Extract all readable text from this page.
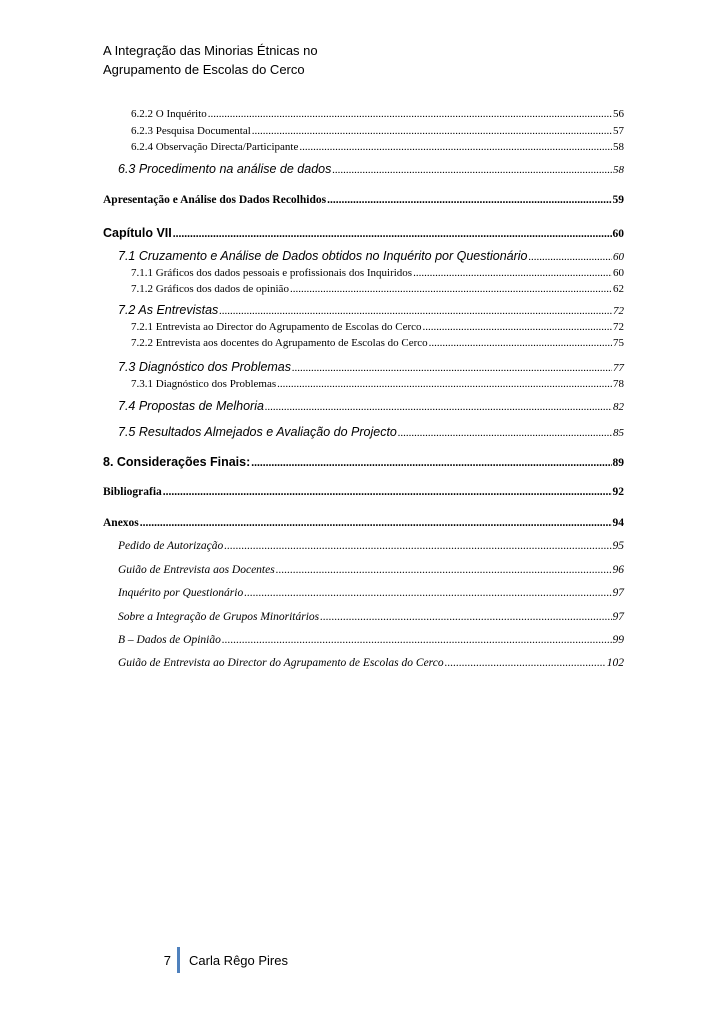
A Integração das Minorias Étnicas no
Agrupamento de Escolas do Cerco
6.2.2 O Inquérito .....	56
6.2.3 Pesquisa Documental .....	57
6.2.4 Observação Directa/Participante .....	58
6.3 Procedimento na análise de dados .....	58
Apresentação e Análise dos Dados Recolhidos .....	59
Capítulo VII .....	60
7.1 Cruzamento e Análise de Dados obtidos no Inquérito por Questionário .....	60
7.1.1 Gráficos dos dados pessoais e profissionais dos Inquiridos .....	60
7.1.2 Gráficos dos dados de opinião .....	62
7.2 As Entrevistas .....	72
7.2.1 Entrevista ao Director do Agrupamento de Escolas do Cerco .....	72
7.2.2 Entrevista aos docentes do Agrupamento de Escolas do Cerco .....	75
7.3 Diagnóstico dos Problemas .....	77
7.3.1 Diagnóstico dos Problemas .....	78
7.4 Propostas de Melhoria .....	82
7.5 Resultados Almejados e Avaliação do Projecto .....	85
8. Considerações Finais: .....	89
Bibliografia .....	92
Anexos .....	94
Pedido de Autorização .....	95
Guião de Entrevista aos Docentes .....	96
Inquérito por Questionário .....	97
Sobre a Integração de Grupos Minoritários .....	97
B – Dados de Opinião .....	99
Guião de Entrevista ao Director do Agrupamento de Escolas do Cerco .....	102
7 Carla Rêgo Pires
